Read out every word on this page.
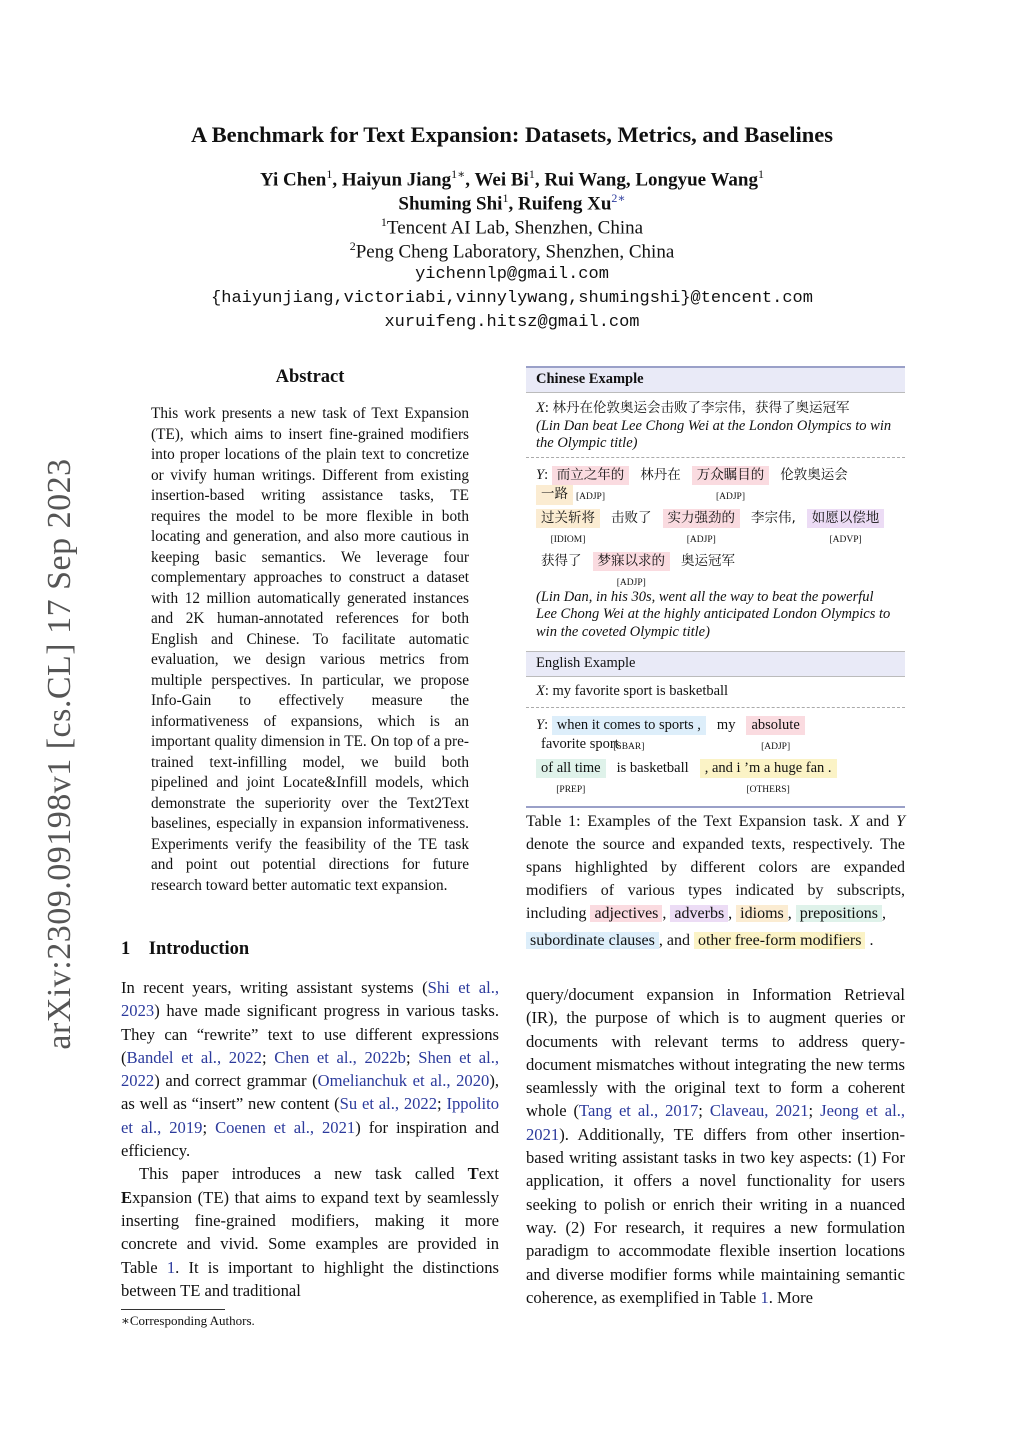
arXiv:2309.09198v1 [cs.CL] 17 Sep 2023
A Benchmark for Text Expansion: Datasets, Metrics, and Baselines
Yi Chen$^1$, Haiyun Jiang$^{1∗}$, Wei Bi$^1$, Rui Wang, Longyue Wang$^1$
Shuming Shi$^1$, Ruifeng $Xu^{2∗}$
$^1$Tencent AI Lab, Shenzhen, China
$^2$Peng Cheng Laboratory, Shenzhen, China
yichennlp@gmail.com
{haiyunjiang,victoriabi,vinnylywang,shumingshi}@tencent.com
xuruifeng.hitsz@gmail.com
Abstract
This work presents a new task of Text Expansion (TE), which aims to insert fine-grained modifiers into proper locations of the plain text to concretize or vivify human writings. Different from existing insertion-based writing assistance tasks, TE requires the model to be more flexible in both locating and generation, and also more cautious in keeping basic semantics. We leverage four complementary approaches to construct a dataset with 12 million automatically generated instances and 2K human-annotated references for both English and Chinese. To facilitate automatic evaluation, we design various metrics from multiple perspectives. In particular, we propose Info-Gain to effectively measure the informativeness of expansions, which is an important quality dimension in TE. On top of a pre-trained text-infilling model, we build both pipelined and joint Locate&Infill models, which demonstrate the superiority over the Text2Text baselines, especially in expansion informativeness. Experiments verify the feasibility of the TE task and point out potential directions for future research toward better automatic text expansion.
1 Introduction

In recent years, writing assistant systems (Shi et al., 2023) have made significant progress in various tasks. They can “rewrite” text to use different expressions (Bandel et al., 2022; Chen et al., 2022b; Shen et al., 2022) and correct grammar (Omelianchuk et al., 2020), as well as “insert” new content (Su et al., 2022; Ippolito et al., 2019; Coenen et al., 2021) for inspiration and efficiency.

This paper introduces a new task called Text Expansion (TE) that aims to expand text by seamlessly inserting fine-grained modifiers, making it more concrete and vivid. Some examples are provided in Table 1. It is important to highlight the distinctions between TE and traditional

∗Corresponding Authors.
Chinese Example
X: 林丹在伦敦奥运会击败了李宗伟，获得了奥运冠军
(Lin Dan beat Lee Chong Wei at the London Olympics to win the Olympic title)
Y: 而立之年的
[ADJP]
林丹在 万众瞩目的
[ADJP]
伦敦奥运会一路
过关斩将
[IDIOM]
击败了 实力强劲的
[ADJP]
李宗伟, 如愿以偿地
[ADVP]
获得了 梦寐以求的
[ADJP]
奥运冠军
(Lin Dan, in his 30s, went all the way to beat the powerful Lee Chong Wei at the highly anticipated London Olympics to win the coveted Olympic title)
English Example
X: my favorite sport is basketball
Y: when it comes to sports ,
[SBAR]
my absolute
[ADJP]
favorite sport
of all time
[PREP]
is basketball , and i ’m a huge fan .
[OTHERS]
Table 1: Examples of the Text Expansion task. X and Y denote the source and expanded texts, respectively. The spans highlighted by different colors are expanded modifiers of various types indicated by subscripts, including adjectives , adverbs , idioms , prepositions ,
subordinate clauses , and other free-form modifiers .

query/document expansion in Information Retrieval (IR), the purpose of which is to augment queries or documents with relevant terms to address query-document mismatches without integrating the new terms seamlessly with the original text to form a coherent whole (Tang et al., 2017; Claveau, 2021; Jeong et al., 2021). Additionally, TE differs from other insertion-based writing assistant tasks in two key aspects: (1) For application, it offers a novel functionality for users seeking to polish or enrich their writing in a nuanced way. (2) For research, it requires a new formulation paradigm to accommodate flexible insertion locations and diverse modifier forms while maintaining semantic coherence, as exemplified in Table 1. More
